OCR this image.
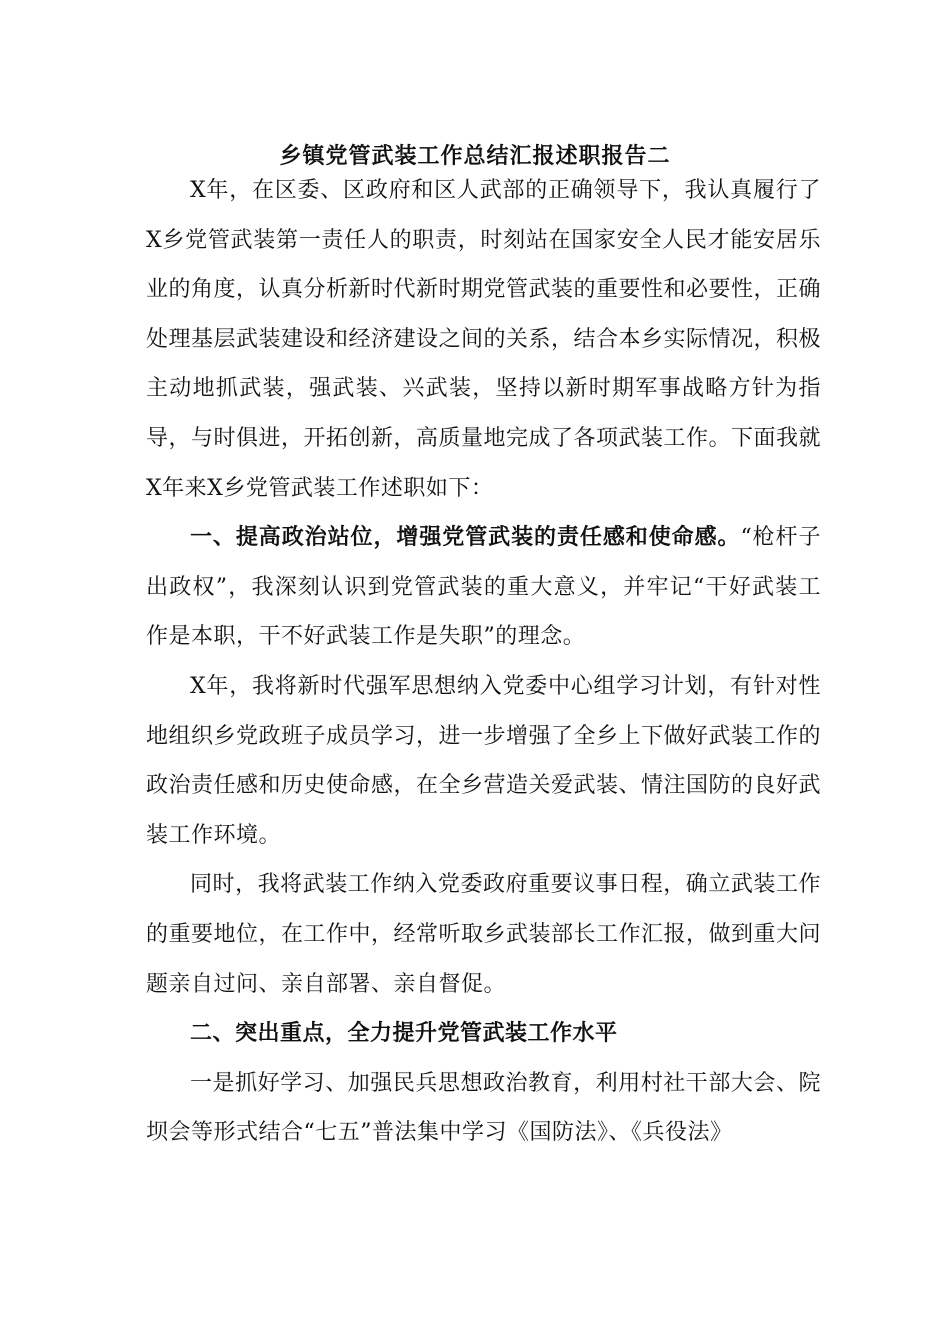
乡镇党管武装工作总结汇报述职报告二

X年，在区委、区政府和区人武部的正确领导下，我认真履行了X乡党管武装第一责任人的职责，时刻站在国家安全人民才能安居乐业的角度，认真分析新时代新时期党管武装的重要性和必要性，正确处理基层武装建设和经济建设之间的关系，结合本乡实际情况，积极主动地抓武装，强武装、兴武装，坚持以新时期军事战略方针为指导，与时俱进，开拓创新，高质量地完成了各项武装工作。下面我就X年来X乡党管武装工作述职如下：

一、提高政治站位，增强党管武装的责任感和使命感。“枪杆子出政权”，我深刻认识到党管武装的重大意义，并牢记“干好武装工作是本职，干不好武装工作是失职”的理念。

X年，我将新时代强军思想纳入党委中心组学习计划，有针对性地组织乡党政班子成员学习，进一步增强了全乡上下做好武装工作的政治责任感和历史使命感，在全乡营造关爱武装、情注国防的良好武装工作环境。

同时，我将武装工作纳入党委政府重要议事日程，确立武装工作的重要地位，在工作中，经常听取乡武装部长工作汇报，做到重大问题亲自过问、亲自部署、亲自督促。

二、突出重点，全力提升党管武装工作水平

一是抓好学习、加强民兵思想政治教育，利用村社干部大会、院坝会等形式结合“七五”普法集中学习《国防法》、《兵役法》
